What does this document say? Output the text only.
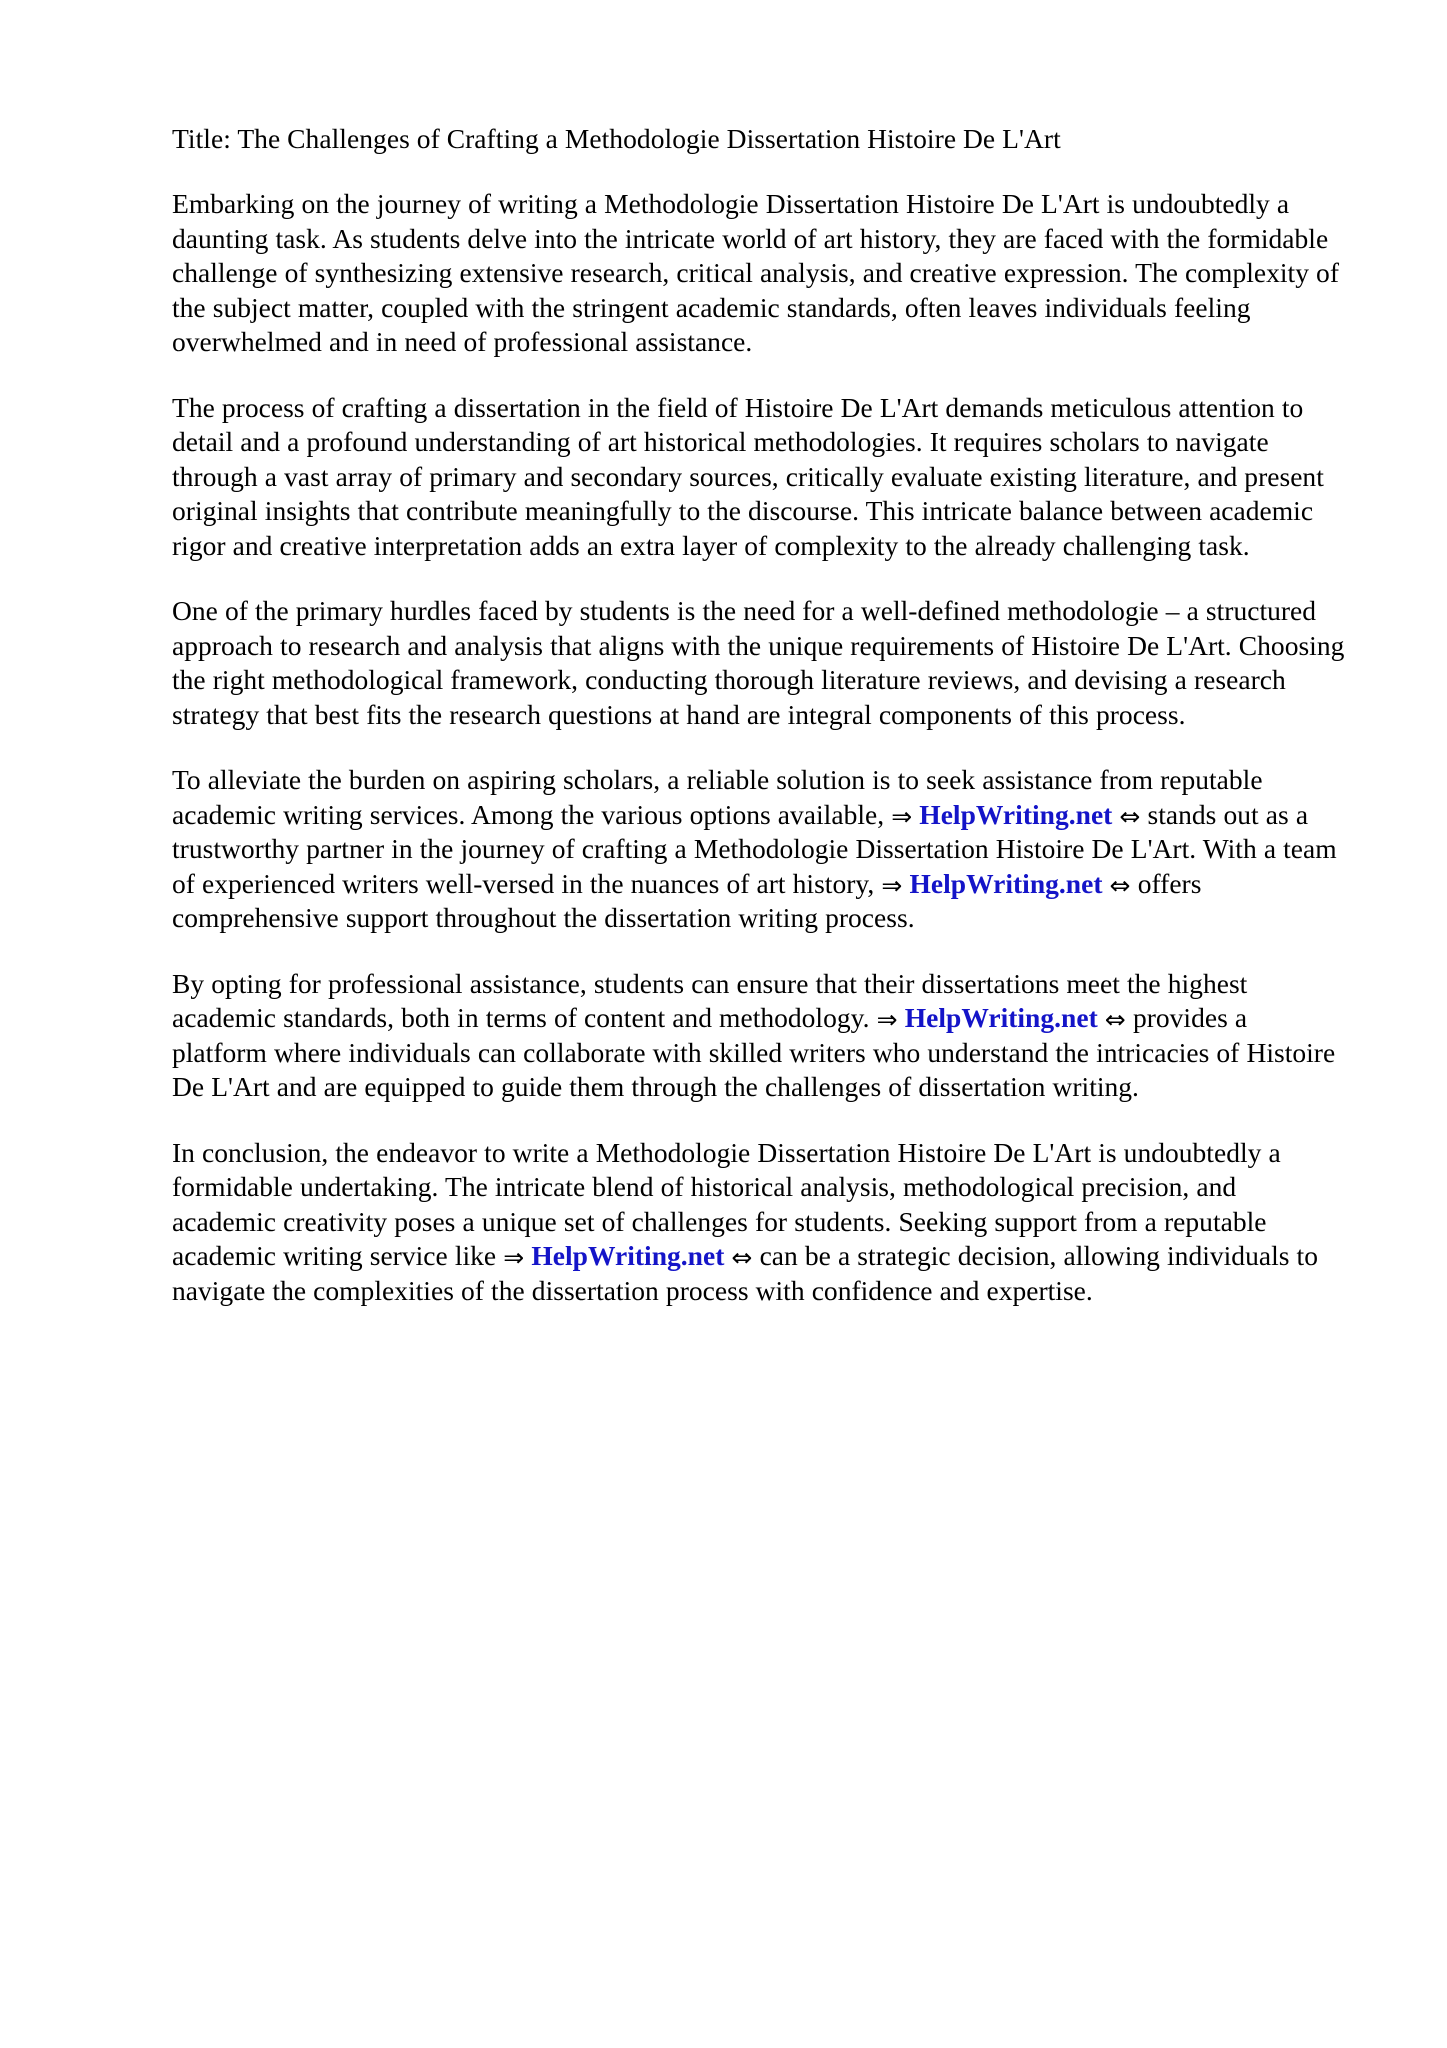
Title: The Challenges of Crafting a Methodologie Dissertation Histoire De L'Art

Embarking on the journey of writing a Methodologie Dissertation Histoire De L'Art is undoubtedly a daunting task. As students delve into the intricate world of art history, they are faced with the formidable challenge of synthesizing extensive research, critical analysis, and creative expression. The complexity of the subject matter, coupled with the stringent academic standards, often leaves individuals feeling overwhelmed and in need of professional assistance.

The process of crafting a dissertation in the field of Histoire De L'Art demands meticulous attention to detail and a profound understanding of art historical methodologies. It requires scholars to navigate through a vast array of primary and secondary sources, critically evaluate existing literature, and present original insights that contribute meaningfully to the discourse. This intricate balance between academic rigor and creative interpretation adds an extra layer of complexity to the already challenging task.

One of the primary hurdles faced by students is the need for a well-defined methodologie – a structured approach to research and analysis that aligns with the unique requirements of Histoire De L'Art. Choosing the right methodological framework, conducting thorough literature reviews, and devising a research strategy that best fits the research questions at hand are integral components of this process.

To alleviate the burden on aspiring scholars, a reliable solution is to seek assistance from reputable academic writing services. Among the various options available, ⇒ HelpWriting.net ⇔ stands out as a trustworthy partner in the journey of crafting a Methodologie Dissertation Histoire De L'Art. With a team of experienced writers well-versed in the nuances of art history, ⇒ HelpWriting.net ⇔ offers comprehensive support throughout the dissertation writing process.

By opting for professional assistance, students can ensure that their dissertations meet the highest academic standards, both in terms of content and methodology. ⇒ HelpWriting.net ⇔ provides a platform where individuals can collaborate with skilled writers who understand the intricacies of Histoire De L'Art and are equipped to guide them through the challenges of dissertation writing.

In conclusion, the endeavor to write a Methodologie Dissertation Histoire De L'Art is undoubtedly a formidable undertaking. The intricate blend of historical analysis, methodological precision, and academic creativity poses a unique set of challenges for students. Seeking support from a reputable academic writing service like ⇒ HelpWriting.net ⇔ can be a strategic decision, allowing individuals to navigate the complexities of the dissertation process with confidence and expertise.
